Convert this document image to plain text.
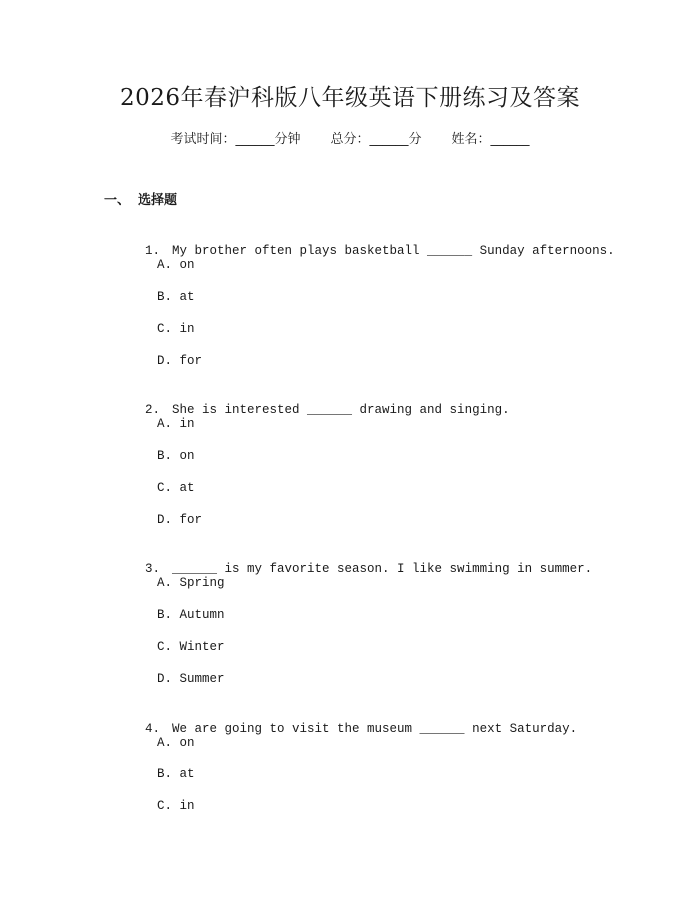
2026年春沪科版八年级英语下册练习及答案
考试时间：______分钟 总分：______分 姓名：______
一、 选择题

1. My brother often plays basketball ______ Sunday afternoons.

A. on
B. at
C. in
D. for

2. She is interested ______ drawing and singing.

A. in
B. on
C. at
D. for

3. ______ is my favorite season. I like swimming in summer.

A. Spring
B. Autumn
C. Winter
D. Summer

4. We are going to visit the museum ______ next Saturday.

A. on
B. at
C. in
